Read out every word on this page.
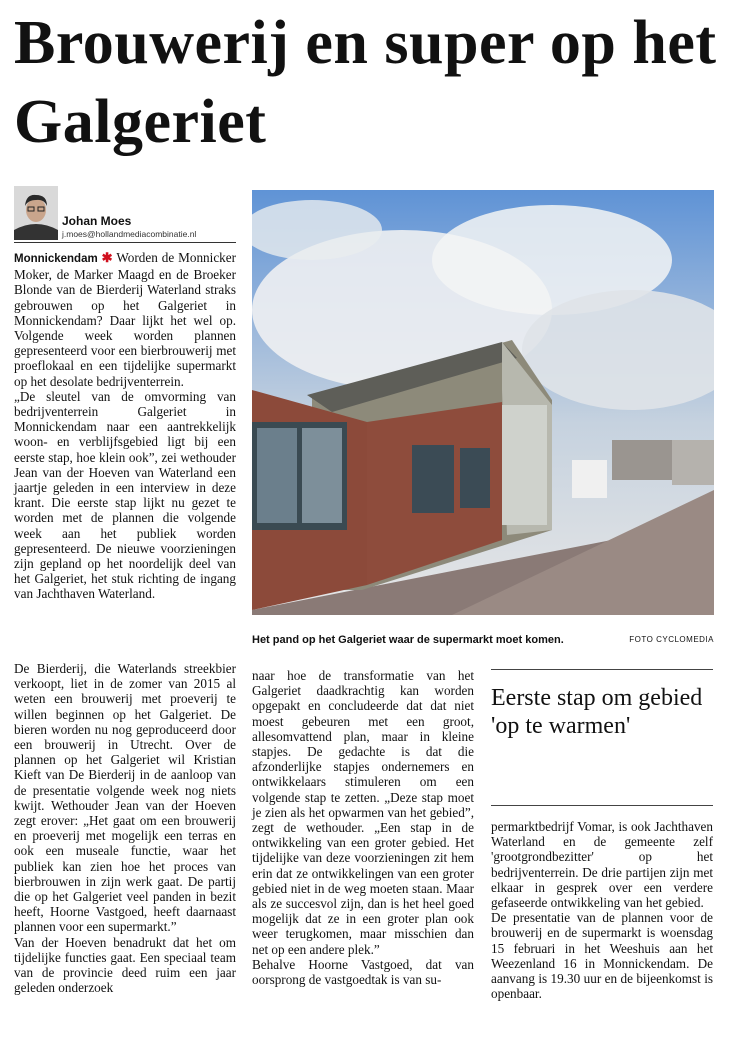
Brouwerij en super op het Galgeriet
Johan Moes
j.moes@hollandmediacombinatie.nl

Monnickendam ✱ Worden de Monnicker Moker, de Marker Maagd en de Broeker Blonde van de Bierderij Waterland straks gebrouwen op het Galgeriet in Monnickendam? Daar lijkt het wel op. Volgende week worden plannen gepresenteerd voor een bierbrouwerij met proeflokaal en een tijdelijke supermarkt op het desolate bedrijventerrein.

„De sleutel van de omvorming van bedrijventerrein Galgeriet in Monnickendam naar een aantrekkelijk woon- en verblijfsgebied ligt bij een eerste stap, hoe klein ook”, zei wethouder Jean van der Hoeven van Waterland een jaartje geleden in een interview in deze krant. Die eerste stap lijkt nu gezet te worden met de plannen die volgende week aan het publiek worden gepresenteerd. De nieuwe voorzieningen zijn gepland op het noordelijk deel van het Galgeriet, het stuk richting de ingang van Jachthaven Waterland.

De Bierderij, die Waterlands streekbier verkoopt, liet in de zomer van 2015 al weten een brouwerij met proeverij te willen beginnen op het Galgeriet. De bieren worden nu nog geproduceerd door een brouwerij in Utrecht. Over de plannen op het Galgeriet wil Kristian Kieft van De Bierderij in de aanloop van de presentatie volgende week nog niets kwijt. Wethouder Jean van der Hoeven zegt erover: „Het gaat om een brouwerij en proeverij met mogelijk een terras en ook een museale functie, waar het publiek kan zien hoe het proces van bierbrouwen in zijn werk gaat. De partij die op het Galgeriet veel panden in bezit heeft, Hoorne Vastgoed, heeft daarnaast plannen voor een supermarkt.”

Van der Hoeven benadrukt dat het om tijdelijke functies gaat. Een speciaal team van de provincie deed ruim een jaar geleden onderzoek

Het pand op het Galgeriet waar de supermarkt moet komen.	FOTO CYCLOMEDIA

naar hoe de transformatie van het Galgeriet daadkrachtig kan worden opgepakt en concludeerde dat dat niet moest gebeuren met een groot, allesomvattend plan, maar in kleine stapjes. De gedachte is dat die afzonderlijke stapjes ondernemers en ontwikkelaars stimuleren om een volgende stap te zetten. „Deze stap moet je zien als het opwarmen van het gebied”, zegt de wethouder. „Een stap in de ontwikkeling van een groter gebied. Het tijdelijke van deze voorzieningen zit hem erin dat ze ontwikkelingen van een groter gebied niet in de weg moeten staan. Maar als ze succesvol zijn, dan is het heel goed mogelijk dat ze in een groter plan ook weer terugkomen, maar misschien dan net op een andere plek.”

Behalve Hoorne Vastgoed, dat van oorsprong de vastgoedtak is van su-

Eerste stap om gebied 'op te warmen'

permarktbedrijf Vomar, is ook Jachthaven Waterland en de gemeente zelf 'grootgrondbezitter' op het bedrijventerrein. De drie partijen zijn met elkaar in gesprek over een verdere gefaseerde ontwikkeling van het gebied.

De presentatie van de plannen voor de brouwerij en de supermarkt is woensdag 15 februari in het Weeshuis aan het Weezenland 16 in Monnickendam. De aanvang is 19.30 uur en de bijeenkomst is openbaar.
